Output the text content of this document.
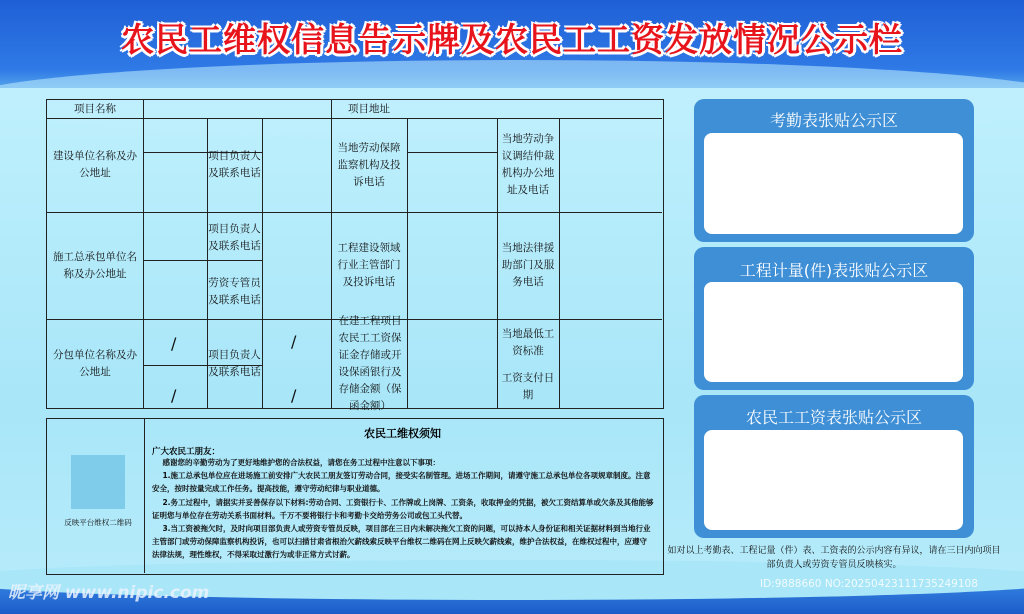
农民工维权信息告示牌及农民工工资发放情况公示栏
项目名称	项目地址
建设单位名称及办公地址
项目负责人及联系电话
当地劳动保障监察机构及投诉电话
当地劳动争议调结仲裁机构办公地址及电话
施工总承包单位名称及办公地址
项目负责人及联系电话
劳资专管员及联系电话
工程建设领域行业主管部门及投诉电话
当地法律援助部门及服务电话
分包单位名称及办公地址
/
/
项目负责人及联系电话
/
/
在建工程项目农民工工资保证金存储或开设保函银行及存储金额（保函金额）
当地最低工资标准
工资支付日期
反映平台维权二维码
农民工维权须知
广大农民工朋友：
感谢您的辛勤劳动为了更好地维护您的合法权益，请您在务工过程中注意以下事项：
1.施工总承包单位应在进场施工前安排广大农民工朋友签订劳动合同，接受实名制管理。进场工作期间，请遵守施工总承包单位各项规章制度。注意安全，按时按量完成工作任务。提高技能，遵守劳动纪律与职业道德。
2.务工过程中，请据实并妥善保存以下材料:劳动合同、工资银行卡、工作牌或上岗牌、工资条，收取押金的凭据，被欠工资结算单或欠条及其他能够证明您与单位存在劳动关系书面材料。千万不要将银行卡和考勤卡交给劳务公司或包工头代替。
3.当工资被拖欠时，及时向项目部负责人或劳资专管员反映，项目部在三日内未解决拖欠工资的问题，可以持本人身份证和相关证据材料到当地行业主管部门或劳动保障监察机构投诉，也可以扫描甘肃省根治欠薪线索反映平台维权二维码在网上反映欠薪线索，维护合法权益，在维权过程中，应遵守法律法规，理性维权，不得采取过激行为或非正常方式讨薪。
考勤表张贴公示区
工程计量(件)表张贴公示区
农民工工资表张贴公示区
如对以上考勤表、工程记量（件）表、工资表的公示内容有异议，请在三日内向项目部负责人或劳资专管员反映核实。
昵享网 www.nipic.com	ID:9888660 NO:20250423111735249108
